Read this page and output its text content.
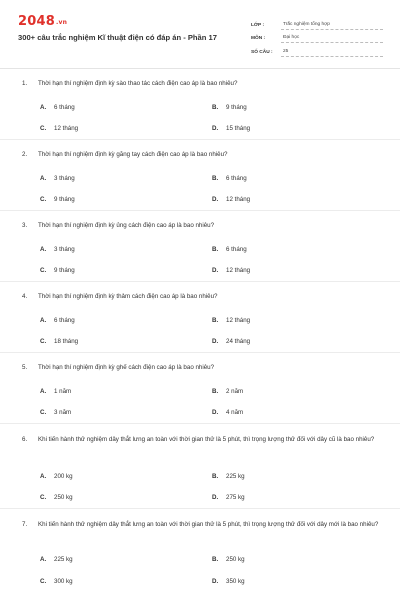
2048.vn
300+ câu trắc nghiệm Kĩ thuật điện có đáp án - Phần 17
LỚP :	Trắc nghiệm tổng hợp
MÔN :	Đại học
SỐ CÂU :	25
1.	Thời hạn thí nghiệm định kỳ sào thao tác cách điện cao áp là bao nhiêu?
A. 6 tháng	B. 9 tháng
C. 12 tháng	D. 15 tháng
2.	Thời hạn thí nghiệm định kỳ găng tay cách điện cao áp là bao nhiêu?
A. 3 tháng	B. 6 tháng
C. 9 tháng	D. 12 tháng
3.	Thời hạn thí nghiệm định kỳ ủng cách điện cao áp là bao nhiêu?
A. 3 tháng	B. 6 tháng
C. 9 tháng	D. 12 tháng
4.	Thời hạn thí nghiệm định kỳ thảm cách điện cao áp là bao nhiêu?
A. 6 tháng	B. 12 tháng
C. 18 tháng	D. 24 tháng
5.	Thời hạn thí nghiệm định kỳ ghế cách điện cao áp là bao nhiêu?
A. 1 năm	B. 2 năm
C. 3 năm	D. 4 năm
6.	Khi tiến hành thử nghiệm dây thắt lưng an toàn với thời gian thử là 5 phút, thì trọng lượng thử đối với dây cũ là bao nhiêu?
A. 200 kg	B. 225 kg
C. 250 kg	D. 275 kg
7.	Khi tiến hành thử nghiệm dây thắt lưng an toàn với thời gian thử là 5 phút, thì trọng lượng thử đối với dây mới là bao nhiêu?
A. 225 kg	B. 250 kg
C. 300 kg	D. 350 kg
